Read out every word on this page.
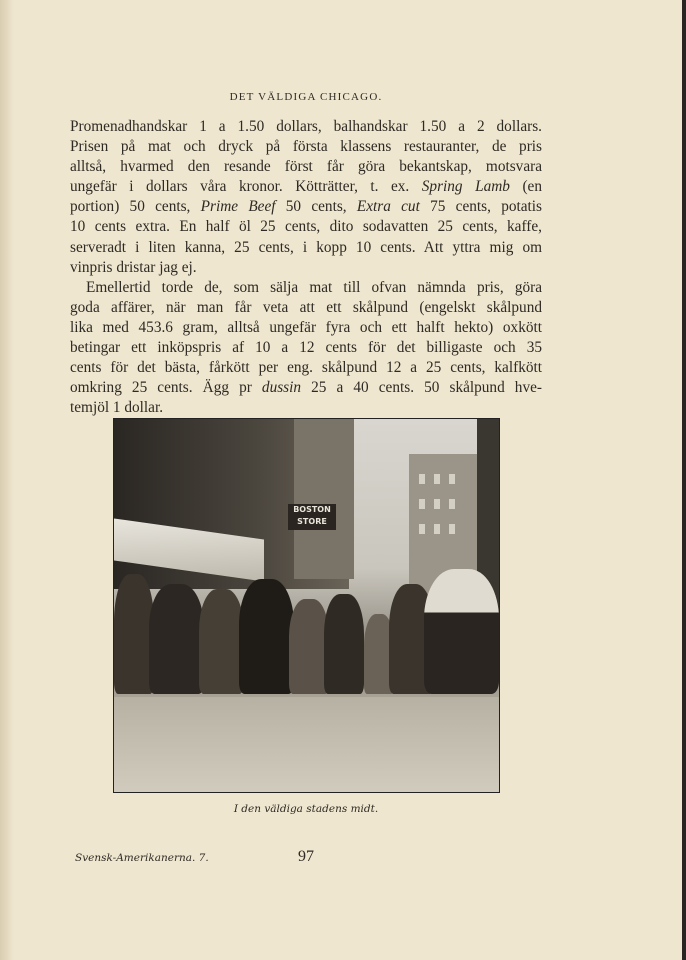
DET VÄLDIGA CHICAGO.
Promenadhandskar 1 a 1.50 dollars, balhandskar 1.50 a 2 dollars.
Prisen på mat och dryck på första klassens restauranter, de pris
alltså, hvarmed den resande först får göra bekantskap, motsvara
ungefär i dollars våra kronor. Kötträtter, t. ex. Spring Lamb (en
portion) 50 cents, Prime Beef 50 cents, Extra cut 75 cents, potatis
10 cents extra. En half öl 25 cents, dito sodavatten 25 cents, kaffe,
serveradt i liten kanna, 25 cents, i kopp 10 cents. Att yttra mig om
vinpris dristar jag ej.
Emellertid torde de, som sälja mat till ofvan nämnda pris, göra
goda affärer, när man får veta att ett skålpund (engelskt skålpund
lika med 453.6 gram, alltså ungefär fyra och ett halft hekto) oxkött
betingar ett inköpspris af 10 a 12 cents för det billigaste och 35
cents för det bästa, fårkött per eng. skålpund 12 a 25 cents, kalfkött
omkring 25 cents. Ägg pr dussin 25 a 40 cents. 50 skålpund hve-
temjöl 1 dollar.
BOSTON
STORE
I den väldiga stadens midt.
Svensk-Amerikanerna. 7.	97
